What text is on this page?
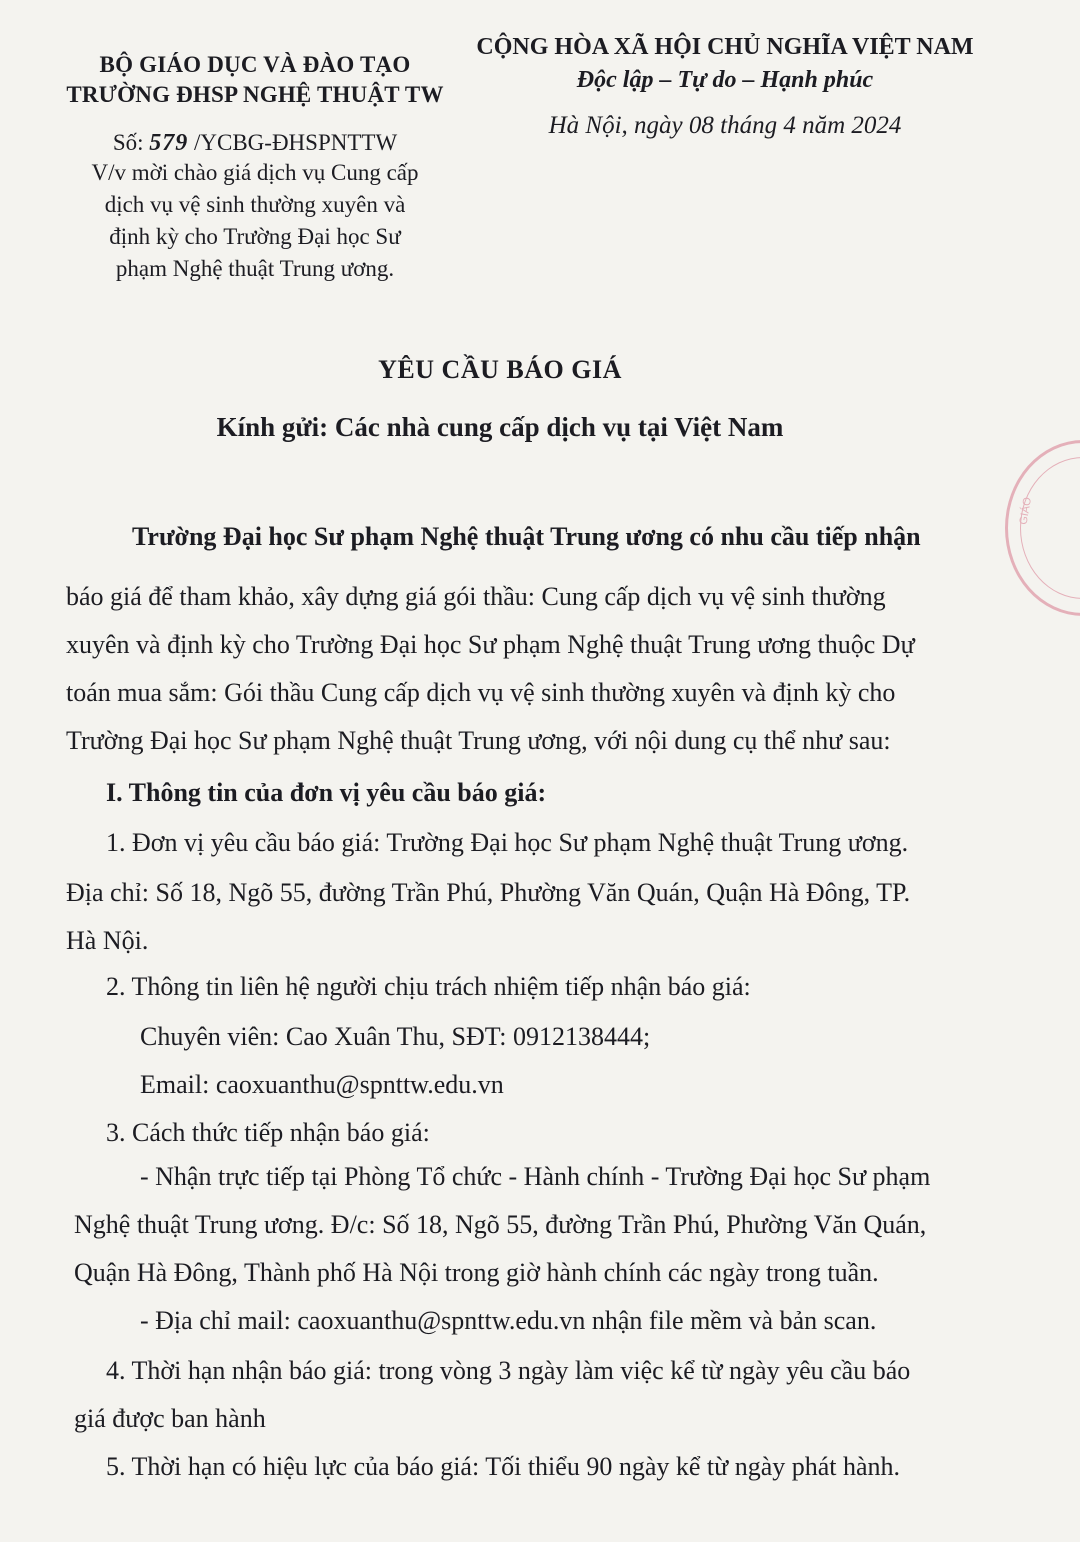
BỘ GIÁO DỤC VÀ ĐÀO TẠO
TRƯỜNG ĐHSP NGHỆ THUẬT TW
Số: 579 /YCBG-ĐHSPNTTW
V/v mời chào giá dịch vụ Cung cấp
dịch vụ vệ sinh thường xuyên và
định kỳ cho Trường Đại học Sư
phạm Nghệ thuật Trung ương.
CỘNG HÒA XÃ HỘI CHỦ NGHĨA VIỆT NAM
Độc lập – Tự do – Hạnh phúc
Hà Nội, ngày 08 tháng 4 năm 2024
YÊU CẦU BÁO GIÁ
Kính gửi: Các nhà cung cấp dịch vụ tại Việt Nam
Trường Đại học Sư phạm Nghệ thuật Trung ương có nhu cầu tiếp nhận
báo giá để tham khảo, xây dựng giá gói thầu: Cung cấp dịch vụ vệ sinh thường
xuyên và định kỳ cho Trường Đại học Sư phạm Nghệ thuật Trung ương thuộc Dự
toán mua sắm: Gói thầu Cung cấp dịch vụ vệ sinh thường xuyên và định kỳ cho
Trường Đại học Sư phạm Nghệ thuật Trung ương, với nội dung cụ thể như sau:
I. Thông tin của đơn vị yêu cầu báo giá:
1. Đơn vị yêu cầu báo giá: Trường Đại học Sư phạm Nghệ thuật Trung ương.
Địa chỉ: Số 18, Ngõ 55, đường Trần Phú, Phường Văn Quán, Quận Hà Đông, TP.
Hà Nội.
2. Thông tin liên hệ người chịu trách nhiệm tiếp nhận báo giá:
Chuyên viên: Cao Xuân Thu, SĐT: 0912138444;
Email: caoxuanthu@spnttw.edu.vn
3. Cách thức tiếp nhận báo giá:
- Nhận trực tiếp tại Phòng Tổ chức - Hành chính - Trường Đại học Sư phạm
Nghệ thuật Trung ương. Đ/c: Số 18, Ngõ 55, đường Trần Phú, Phường Văn Quán,
Quận Hà Đông, Thành phố Hà Nội trong giờ hành chính các ngày trong tuần.
- Địa chỉ mail: caoxuanthu@spnttw.edu.vn nhận file mềm và bản scan.
4. Thời hạn nhận báo giá: trong vòng 3 ngày làm việc kể từ ngày yêu cầu báo
giá được ban hành
5. Thời hạn có hiệu lực của báo giá: Tối thiểu 90 ngày kể từ ngày phát hành.
GIÁO
